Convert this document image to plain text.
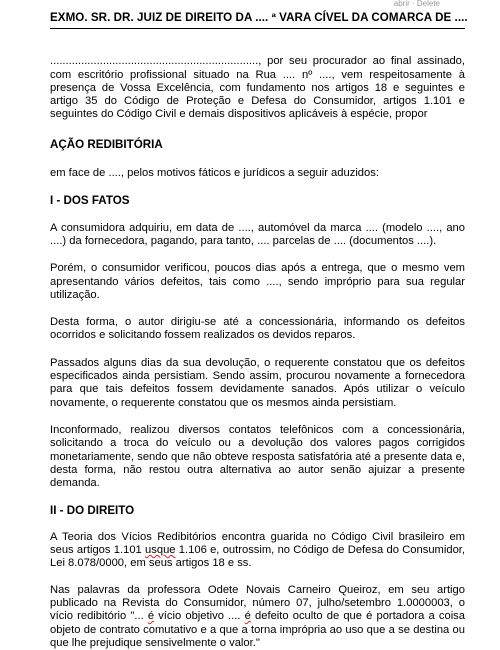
abrir · Delete
EXMO. SR. DR. JUIZ DE DIREITO DA .... ª VARA CÍVEL DA COMARCA DE ....

..................................................................., por seu procurador ao final assinado, com escritório profissional situado na Rua .... nº ...., vem respeitosamente à presença de Vossa Excelência, com fundamento nos artigos 18 e seguintes e artigo 35 do Código de Proteção e Defesa do Consumidor, artigos 1.101 e seguintes do Código Civil e demais dispositivos aplicáveis à espécie, propor

AÇÃO REDIBITÓRIA

em face de ...., pelos motivos fáticos e jurídicos a seguir aduzidos:

I - DOS FATOS

A consumidora adquiriu, em data de ...., automóvel da marca .... (modelo ...., ano ....) da fornecedora, pagando, para tanto, .... parcelas de .... (documentos ....).

Porém, o consumidor verificou, poucos dias após a entrega, que o mesmo vem apresentando vários defeitos, tais como ...., sendo impróprio para sua regular utilização.

Desta forma, o autor dirigiu-se até a concessionária, informando os defeitos ocorridos e solicitando fossem realizados os devidos reparos.

Passados alguns dias da sua devolução, o requerente constatou que os defeitos especificados ainda persistiam. Sendo assim, procurou novamente a fornecedora para que tais defeitos fossem devidamente sanados. Após utilizar o veículo novamente, o requerente constatou que os mesmos ainda persistiam.

Inconformado, realizou diversos contatos telefônicos com a concessionária, solicitando a troca do veículo ou a devolução dos valores pagos corrigidos monetariamente, sendo que não obteve resposta satisfatória até a presente data e, desta forma, não restou outra alternativa ao autor senão ajuizar a presente demanda.

II - DO DIREITO

A Teoria dos Vícios Redibitórios encontra guarida no Código Civil brasileiro em seus artigos 1.101 usque 1.106 e, outrossim, no Código de Defesa do Consumidor, Lei 8.078/0000, em seus artigos 18 e ss.

Nas palavras da professora Odete Novais Carneiro Queiroz, em seu artigo publicado na Revista do Consumidor, número 07, julho/setembro 1.0000003, o vício redibitório "... é vício objetivo .... é defeito oculto de que é portadora a coisa objeto de contrato comutativo e a que a torna imprópria ao uso que a se destina ou que lhe prejudique sensivelmente o valor."
